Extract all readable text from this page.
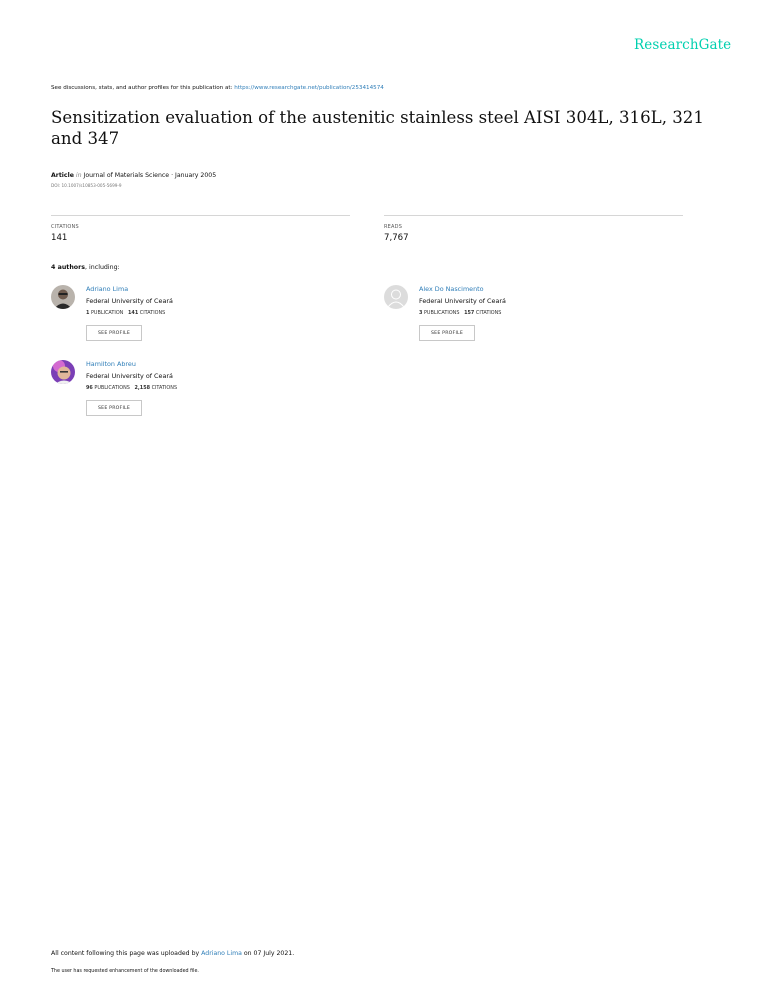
ResearchGate
See discussions, stats, and author profiles for this publication at: https://www.researchgate.net/publication/253414574
Sensitization evaluation of the austenitic stainless steel AISI 304L, 316L, 321 and 347
Article in Journal of Materials Science · January 2005
DOI: 10.1007/s10853-005-5699-9
CITATIONS
141
READS
7,767
4 authors, including:
Adriano Lima
Federal University of Ceará
1 PUBLICATION 141 CITATIONS
SEE PROFILE
Alex Do Nascimento
Federal University of Ceará
3 PUBLICATIONS 157 CITATIONS
SEE PROFILE
Hamilton Abreu
Federal University of Ceará
96 PUBLICATIONS 2,158 CITATIONS
SEE PROFILE
All content following this page was uploaded by Adriano Lima on 07 July 2021.
The user has requested enhancement of the downloaded file.
